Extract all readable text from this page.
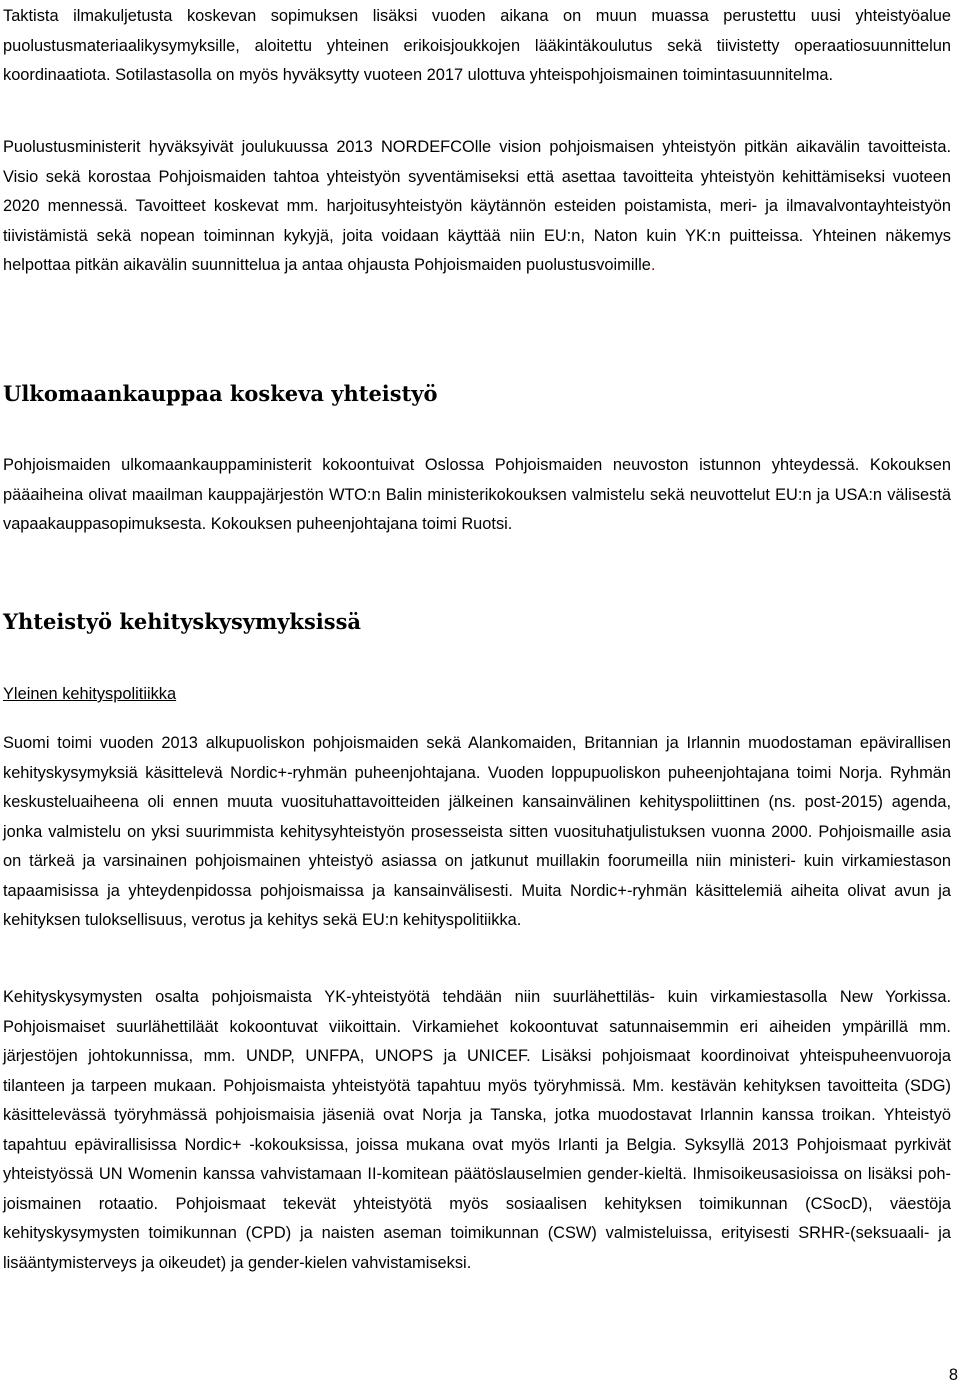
Taktista ilmakuljetusta koskevan sopimuksen lisäksi vuoden aikana on muun muassa perustettu uusi yhteistyöalue puolustusmateriaalikysymyksille, aloitettu yhteinen erikoisjoukkojen lääkintäkoulutus sekä tiivistetty operaatiosuunnittelun koordinaatiota. Sotilastasolla on myös hyväksytty vuoteen 2017 ulottuva yhteispohjoismainen toimintasuunnitelma.

Puolustusministerit hyväksyivät joulukuussa 2013 NORDEFCOlle vision pohjoismaisen yhteistyön pitkän aikavälin tavoitteista. Visio sekä korostaa Pohjoismaiden tahtoa yhteistyön syventämiseksi että asettaa tavoitteita yhteistyön kehittämiseksi vuoteen 2020 mennessä. Tavoitteet koskevat mm. harjoitusyhteistyön käytännön esteiden poistamista, meri- ja ilmavalvontayhteistyön tiivistämistä sekä nopean toiminnan kykyjä, joita voidaan käyttää niin EU:n, Naton kuin YK:n puitteissa. Yhteinen näkemys helpottaa pitkän aikavälin suunnittelua ja antaa ohjausta Pohjoismaiden puolustusvoimille.

Ulkomaankauppaa koskeva yhteistyö

Pohjoismaiden ulkomaankauppaministerit kokoontuivat Oslossa Pohjoismaiden neuvoston istunnon yhteydessä. Kokouksen pääaiheina olivat maailman kauppajärjestön WTO:n Balin ministerikokouksen valmistelu sekä neuvottelut EU:n ja USA:n välisestä vapaakauppasopimuksesta. Kokouksen puheenjohtajana toimi Ruotsi.

Yhteistyö kehityskysymyksissä

Yleinen kehityspolitiikka

Suomi toimi vuoden 2013 alkupuoliskon pohjoismaiden sekä Alankomaiden, Britannian ja Irlannin muodostaman epävirallisen kehityskysymyksiä käsittelevä Nordic+-ryhmän puheenjohtajana. Vuoden loppupuoliskon puheenjohtajana toimi Norja. Ryhmän keskusteluaiheena oli ennen muuta vuosituhattavoitteiden jälkeinen kansainvälinen kehityspoliittinen (ns. post-2015) agenda, jonka valmistelu on yksi suurimmista kehitysyhteistyön prosesseista sitten vuosituhatjulistuksen vuonna 2000. Pohjoismaille asia on tärkeä ja varsinainen pohjoismainen yhteistyö asiassa on jatkunut muillakin foorumeilla niin ministeri- kuin virkamiestason tapaamisissa ja yhteydenpidossa pohjoismaissa ja kansainvälisesti. Muita Nordic+-ryhmän käsittelemiä aiheita olivat avun ja kehityksen tuloksellisuus, verotus ja kehitys sekä EU:n kehityspolitiikka.

Kehityskysymysten osalta pohjoismaista YK-yhteistyötä tehdään niin suurlähettiläs- kuin virkamiestasolla New Yorkissa. Pohjoismaiset suurlähettiläät kokoontuvat viikoittain. Virkamiehet kokoontuvat satunnaisemmin eri aiheiden ympärillä mm. järjestöjen johtokunnissa, mm. UNDP, UNFPA, UNOPS ja UNICEF. Lisäksi pohjoismaat koordinoivat yhteispuheenvuoroja tilanteen ja tarpeen mukaan. Pohjoismaista yhteistyötä tapahtuu myös työryhmissä. Mm. kestävän kehityksen tavoitteita (SDG) käsittelevässä työryhmässä pohjoismaisia jäseniä ovat Norja ja Tanska, jotka muodostavat Irlannin kanssa troikan. Yhteistyö tapahtuu epävirallisissa Nordic+ -kokouksissa, joissa mukana ovat myös Irlanti ja Belgia. Syksyllä 2013 Pohjoismaat pyrkivät yhteistyössä UN Womenin kanssa vahvistamaan II-komitean päätöslauselmien gender-kieltä. Ihmisoikeusasioissa on lisäksi pohjoismainen rotaatio. Pohjoismaat tekevät yhteistyötä myös sosiaalisen kehityksen toimikunnan (CSocD), väestöja kehityskysymysten toimikunnan (CPD) ja naisten aseman toimikunnan (CSW) valmisteluissa, erityisesti SRHR-(seksuaali- ja lisääntymisterveys ja oikeudet) ja gender-kielen vahvistamiseksi.

8
